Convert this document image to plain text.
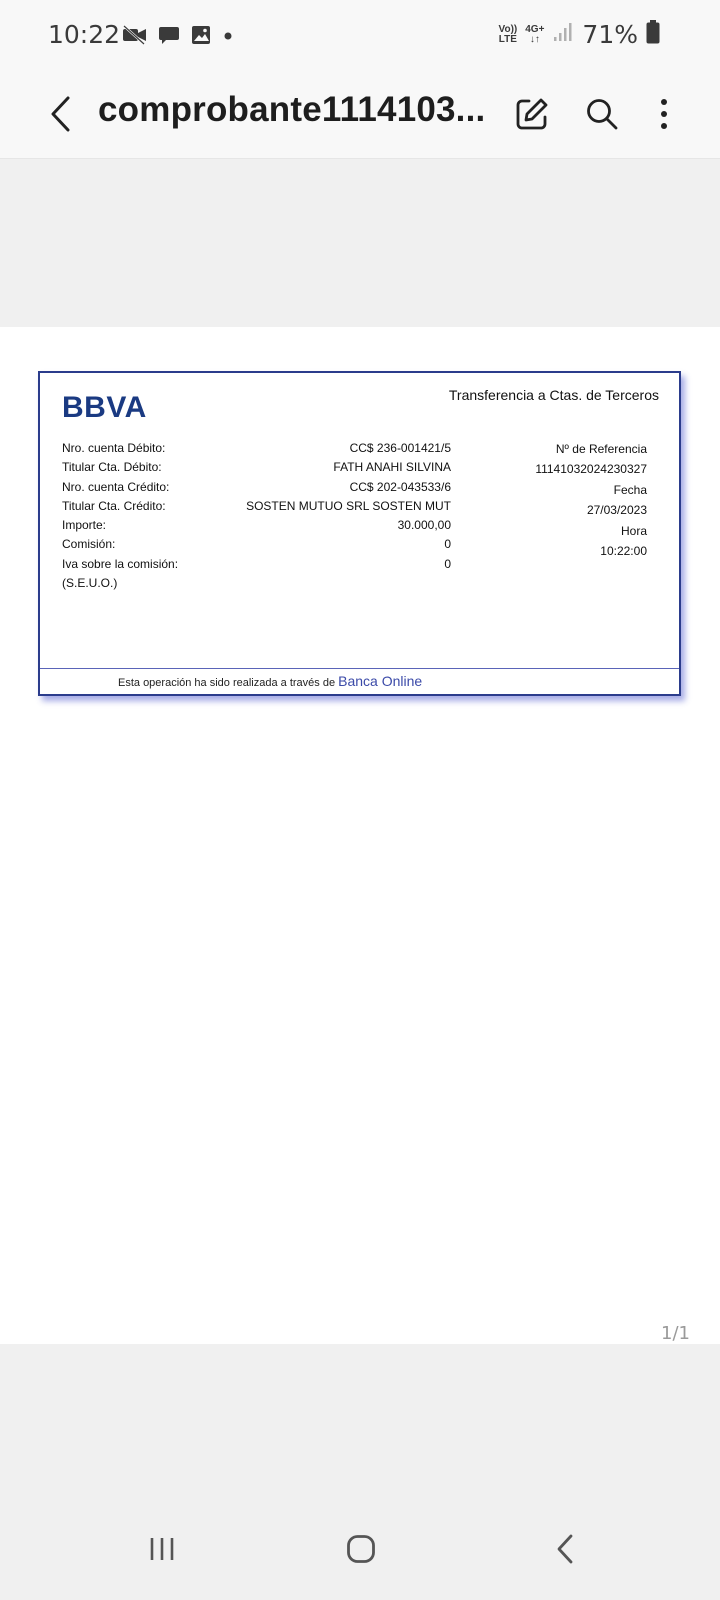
10:22	Vo))
LTE
4G+
↓↑ 71%
comprobante1114103...
BBVA	Transferencia a Ctas. de Terceros
Nro. cuenta Débito:
Titular Cta. Débito:
Nro. cuenta Crédito:
Titular Cta. Crédito:
Importe:
Comisión:
Iva sobre la comisión:
(S.E.U.O.)
CC$ 236-001421/5
FATH ANAHI SILVINA
CC$ 202-043533/6
SOSTEN MUTUO SRL SOSTEN MUT
30.000,00
0
0
Nº de Referencia
11141032024230327
Fecha
27/03/2023
Hora
10:22:00
Esta operación ha sido realizada a través de Banca Online
1/1
